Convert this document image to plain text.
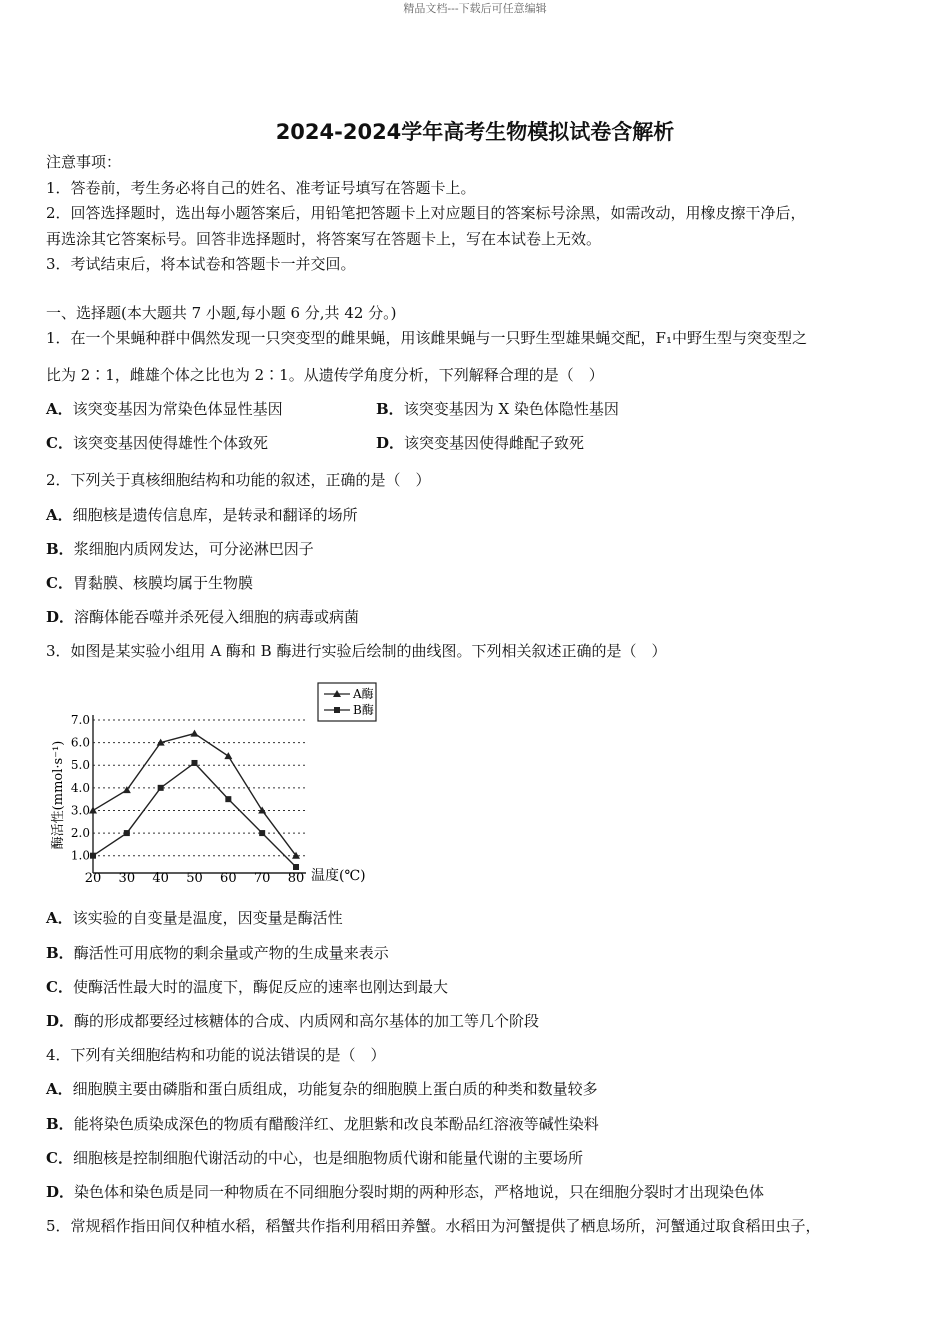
精品文档---下载后可任意编辑
2024-2024学年高考生物模拟试卷含解析
注意事项：
1．答卷前，考生务必将自己的姓名、准考证号填写在答题卡上。
2．回答选择题时，选出每小题答案后，用铅笔把答题卡上对应题目的答案标号涂黑，如需改动，用橡皮擦干净后，
再选涂其它答案标号。回答非选择题时，将答案写在答题卡上，写在本试卷上无效。
3．考试结束后，将本试卷和答题卡一并交回。
一、选择题(本大题共 7 小题,每小题 6 分,共 42 分。)
1．在一个果蝇种群中偶然发现一只突变型的雌果蝇，用该雌果蝇与一只野生型雄果蝇交配，F₁中野生型与突变型之
比为 2∶1，雌雄个体之比也为 2∶1。从遗传学角度分析，下列解释合理的是（　）
A．该突变基因为常染色体显性基因	B．该突变基因为 X 染色体隐性基因
C．该突变基因使得雄性个体致死	D．该突变基因使得雌配子致死
2．下列关于真核细胞结构和功能的叙述，正确的是（　）
A．细胞核是遗传信息库，是转录和翻译的场所
B．浆细胞内质网发达，可分泌淋巴因子
C．胃黏膜、核膜均属于生物膜
D．溶酶体能吞噬并杀死侵入细胞的病毒或病菌
3．如图是某实验小组用 A 酶和 B 酶进行实验后绘制的曲线图。下列相关叙述正确的是（　）
1.0
2.0
3.0
4.0
5.0
6.0
7.0
20 30 40 50 60 70 80 温度(℃)
酶活性(mmol·s⁻¹)
A酶
B酶
A．该实验的自变量是温度，因变量是酶活性
B．酶活性可用底物的剩余量或产物的生成量来表示
C．使酶活性最大时的温度下，酶促反应的速率也刚达到最大
D．酶的形成都要经过核糖体的合成、内质网和高尔基体的加工等几个阶段
4．下列有关细胞结构和功能的说法错误的是（　）
A．细胞膜主要由磷脂和蛋白质组成，功能复杂的细胞膜上蛋白质的种类和数量较多
B．能将染色质染成深色的物质有醋酸洋红、龙胆紫和改良苯酚品红溶液等碱性染料
C．细胞核是控制细胞代谢活动的中心，也是细胞物质代谢和能量代谢的主要场所
D．染色体和染色质是同一种物质在不同细胞分裂时期的两种形态，严格地说，只在细胞分裂时才出现染色体
5．常规稻作指田间仅种植水稻，稻蟹共作指利用稻田养蟹。水稻田为河蟹提供了栖息场所，河蟹通过取食稻田虫子，
